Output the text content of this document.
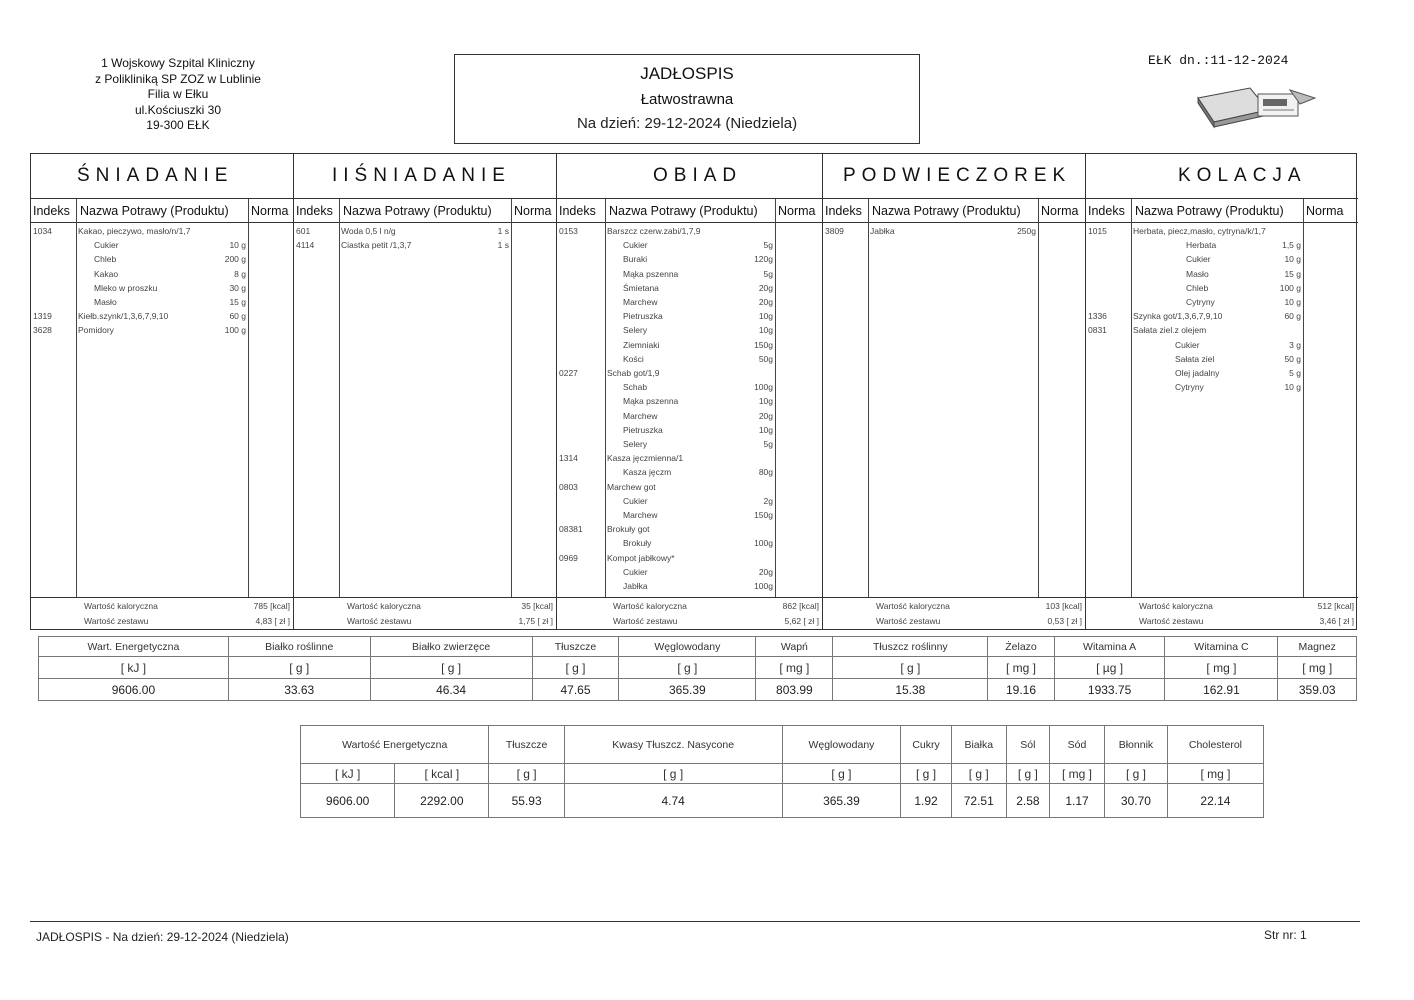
1 Wojskowy Szpital Kliniczny
z Polikliniką SP ZOZ w Lublinie
Filia w Ełku
ul.Kościuszki 30
19-300 EŁK
JADŁOSPIS
Łatwostrawna
Na dzień: 29-12-2024 (Niedziela)
EŁK dn.:11-12-2024
ŚNIADANIE
Indeks Nazwa Potrawy (Produktu) Norma
1034	Kakao, pieczywo, masło/n/1,7
Cukier	10 g
Chleb	200 g
Kakao	8 g
Mleko w proszku	30 g
Masło	15 g
1319	Kiełb.szynk/1,3,6,7,9,10	60 g
3628	Pomidory	100 g
Wartość kaloryczna	785 [kcal]
Wartość zestawu	4,83 [ zł ]
IIŚNIADANIE
Indeks Nazwa Potrawy (Produktu) Norma
601	Woda 0,5 l n/g	1 s
4114	Ciastka petit /1,3,7	1 s
Wartość kaloryczna	35 [kcal]
Wartość zestawu	1,75 [ zł ]
OBIAD
Indeks Nazwa Potrawy (Produktu) Norma
0153	Barszcz czerw.zabi/1,7,9
Cukier	5g
Buraki	120g
Mąka pszenna	5g
Śmietana	20g
Marchew	20g
Pietruszka	10g
Selery	10g
Ziemniaki	150g
Kości	50g
0227	Schab got/1,9
Schab	100g
Mąka pszenna	10g
Marchew	20g
Pietruszka	10g
Selery	5g
1314	Kasza jęczmienna/1
Kasza jęczm	80g
0803	Marchew got
Cukier	2g
Marchew	150g
08381	Brokuły got
Brokuły	100g
0969	Kompot jabłkowy*
Cukier	20g
Jabłka	100g
Wartość kaloryczna	862 [kcal]
Wartość zestawu	5,62 [ zł ]
PODWIECZOREK
Indeks Nazwa Potrawy (Produktu) Norma
3809	Jabłka	250g
Wartość kaloryczna	103 [kcal]
Wartość zestawu	0,53 [ zł ]
KOLACJA
Indeks Nazwa Potrawy (Produktu) Norma
1015	Herbata, piecz,masło, cytryna/k/1,7
Herbata	1,5 g
Cukier	10 g
Masło	15 g
Chleb	100 g
Cytryny	10 g
1336	Szynka got/1,3,6,7,9,10	60 g
0831	Sałata ziel.z olejem
Cukier	3 g
Sałata ziel	50 g
Olej jadalny	5 g
Cytryny	10 g
Wartość kaloryczna	512 [kcal]
Wartość zestawu	3,46 [ zł ]
Wart. Energetyczna	Białko roślinne	Białko zwierzęce	Tłuszcze	Węglowodany	Wapń	Tłuszcz roślinny	Żelazo	Witamina A	Witamina C	Magnez
[ kJ ]	[ g ]	[ g ]	[ g ]	[ g ]	[ mg ]	[ g ]	[ mg ]	[ µg ]	[ mg ]	[ mg ]
9606.00	33.63	46.34	47.65	365.39	803.99	15.38	19.16	1933.75	162.91	359.03
Wartość Energetyczna		Tłuszcze	Kwasy Tłuszcz. Nasycone	Węglowodany	Cukry	Białka	Sól	Sód	Błonnik	Cholesterol
[ kJ ]	[ kcal ]	[ g ]	[ g ]	[ g ]	[ g ]	[ g ]	[ g ]	[ mg ]	[ g ]	[ mg ]
9606.00	2292.00	55.93	4.74	365.39	1.92	72.51	2.58	1.17	30.70	22.14
JADŁOSPIS - Na dzień: 29-12-2024 (Niedziela)	Str nr: 1
